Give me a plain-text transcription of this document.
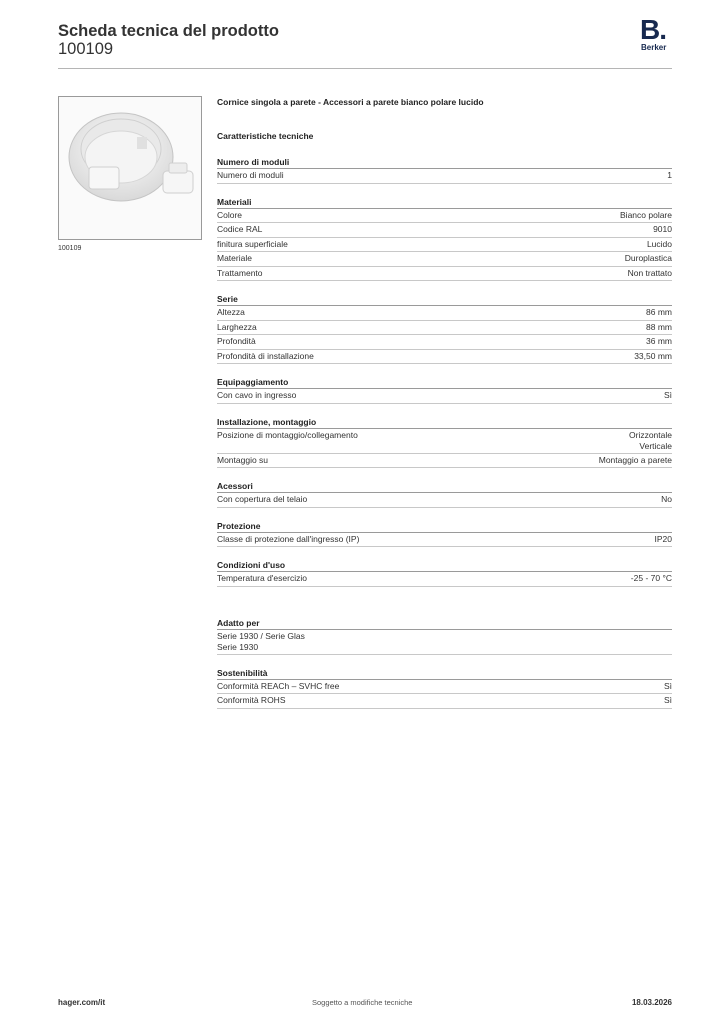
Scheda tecnica del prodotto
100109
B.
Berker
100109
Cornice singola a parete - Accessori a parete bianco polare lucido
Caratteristiche tecniche
Numero di moduli
Numero di moduli	1
Materiali
Colore	Bianco polare
Codice RAL	9010
finitura superficiale	Lucido
Materiale	Duroplastica
Trattamento	Non trattato
Serie
Altezza	86 mm
Larghezza	88 mm
Profondità	36 mm
Profondità di installazione	33,50 mm
Equipaggiamento
Con cavo in ingresso	Sì
Installazione, montaggio
Posizione di montaggio/collegamento	Orizzontale
Verticale
Montaggio su	Montaggio a parete
Acessori
Con copertura del telaio	No
Protezione
Classe di protezione dall'ingresso (IP)	IP20
Condizioni d'uso
Temperatura d'esercizio	-25 - 70 °C
Adatto per
Serie 1930 / Serie Glas
Serie 1930
Sostenibilità
Conformità REACh – SVHC free	Sì
Conformità ROHS	Sì
hager.com/it	Soggetto a modifiche tecniche	18.03.2026
